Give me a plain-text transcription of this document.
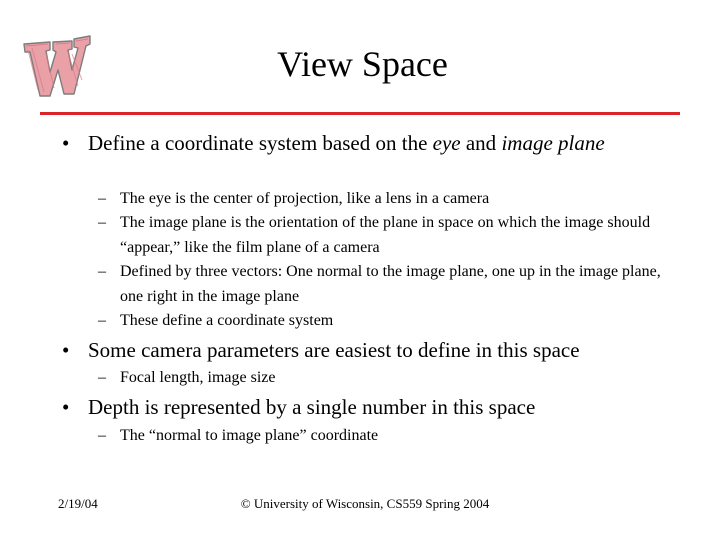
View Space
• Define a coordinate system based on the eye and image plane
– The eye is the center of projection, like a lens in a camera
– The image plane is the orientation of the plane in space on which the image should “appear,” like the film plane of a camera
– Defined by three vectors: One normal to the image plane, one up in the image plane, one right in the image plane
– These define a coordinate system
• Some camera parameters are easiest to define in this space
– Focal length, image size
• Depth is represented by a single number in this space
– The “normal to image plane” coordinate
2/19/04	© University of Wisconsin, CS559 Spring 2004
